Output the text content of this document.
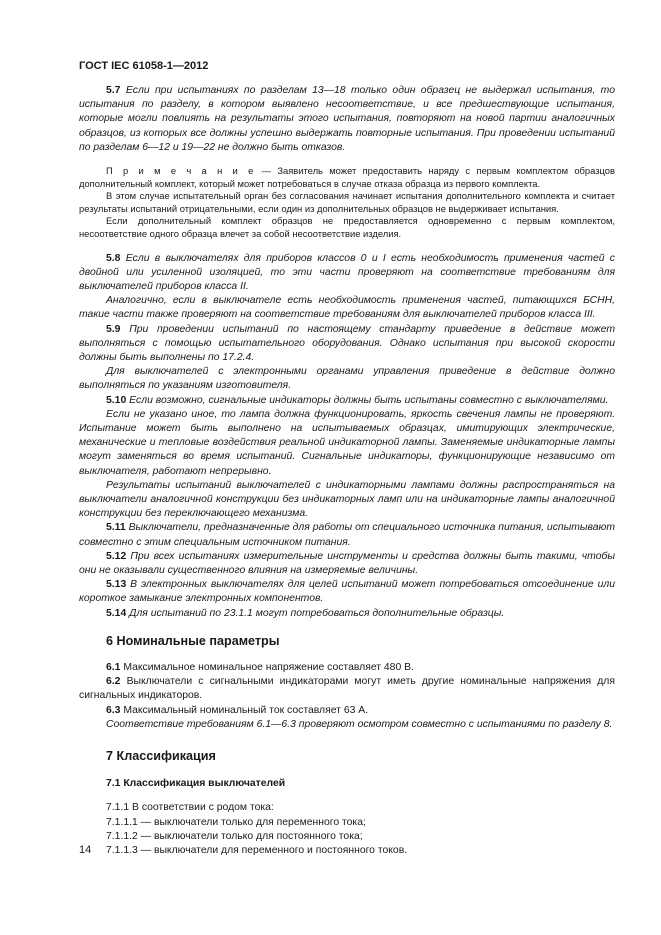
ГОСТ IEC 61058-1—2012

5.7 Если при испытаниях по разделам 13—18 только один образец не выдержал испытания, то испытания по разделу, в котором выявлено несоответствие, и все предшествующие испытания, которые могли повлиять на результаты этого испытания, повторяют на новой партии аналогичных образцов, из которых все должны успешно выдержать повторные испытания. При проведении испытаний по разделам 6—12 и 19—22 не должно быть отказов.

П р и м е ч а н и е — Заявитель может предоставить наряду с первым комплектом образцов дополнительный комплект, который может потребоваться в случае отказа образца из первого комплекта.

В этом случае испытательный орган без согласования начинает испытания дополнительного комплекта и считает результаты испытаний отрицательными, если один из дополнительных образцов не выдерживает испытания.

Если дополнительный комплект образцов не предоставляется одновременно с первым комплектом, несоответствие одного образца влечет за собой несоответствие изделия.

5.8 Если в выключателях для приборов классов 0 и I есть необходимость применения частей с двойной или усиленной изоляцией, то эти части проверяют на соответствие требованиям для выключателей приборов класса II.

Аналогично, если в выключателе есть необходимость применения частей, питающихся БСНН, такие части также проверяют на соответствие требованиям для выключателей приборов класса III.

5.9 При проведении испытаний по настоящему стандарту приведение в действие может выполняться с помощью испытательного оборудования. Однако испытания при высокой скорости должны быть выполнены по 17.2.4.

Для выключателей с электронными органами управления приведение в действие должно выполняться по указаниям изготовителя.

5.10 Если возможно, сигнальные индикаторы должны быть испытаны совместно с выключателями.

Если не указано иное, то лампа должна функционировать, яркость свечения лампы не проверяют. Испытание может быть выполнено на испытываемых образцах, имитирующих электрические, механические и тепловые воздействия реальной индикаторной лампы. Заменяемые индикаторные лампы могут заменяться во время испытаний. Сигнальные индикаторы, функционирующие независимо от выключателя, работают непрерывно.

Результаты испытаний выключателей с индикаторными лампами должны распространяться на выключатели аналогичной конструкции без индикаторных ламп или на индикаторные лампы аналогичной конструкции без переключающего механизма.

5.11 Выключатели, предназначенные для работы от специального источника питания, испытывают совместно с этим специальным источником питания.

5.12 При всех испытаниях измерительные инструменты и средства должны быть такими, чтобы они не оказывали существенного влияния на измеряемые величины.

5.13 В электронных выключателях для целей испытаний может потребоваться отсоединение или короткое замыкание электронных компонентов.

5.14 Для испытаний по 23.1.1 могут потребоваться дополнительные образцы.

6 Номинальные параметры

6.1 Максимальное номинальное напряжение составляет 480 В.

6.2 Выключатели с сигнальными индикаторами могут иметь другие номинальные напряжения для сигнальных индикаторов.

6.3 Максимальный номинальный ток составляет 63 А.

Соответствие требованиям 6.1—6.3 проверяют осмотром совместно с испытаниями по разделу 8.

7 Классификация
7.1 Классификация выключателей
7.1.1 В соответствии с родом тока:
7.1.1.1 — выключатели только для переменного тока;
7.1.1.2 — выключатели только для постоянного тока;
7.1.1.3 — выключатели для переменного и постоянного токов.
14
